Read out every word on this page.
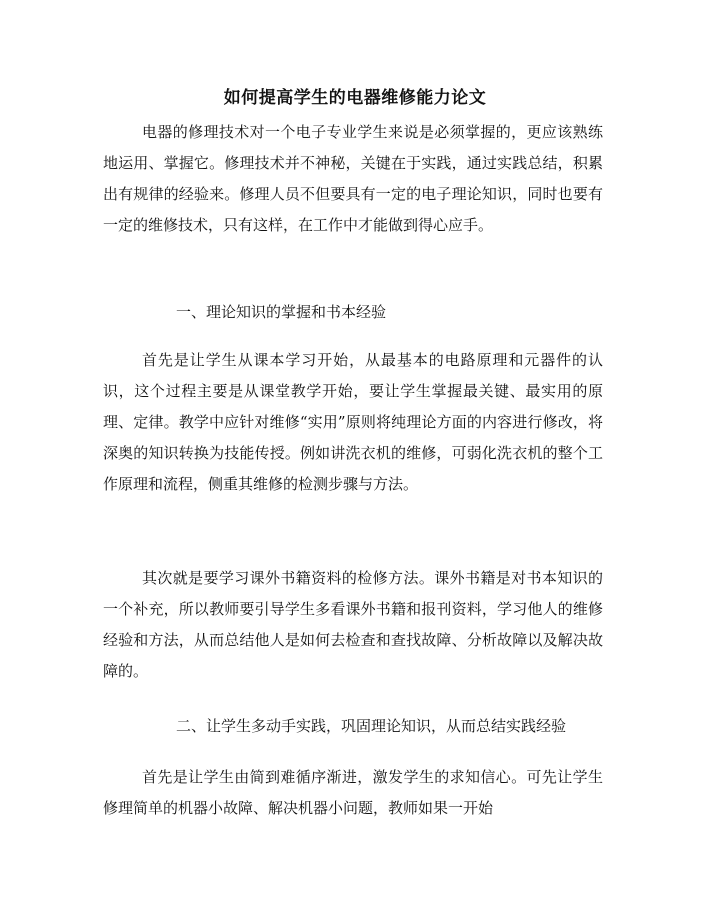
如何提高学生的电器维修能力论文

电器的修理技术对一个电子专业学生来说是必须掌握的，更应该熟练地运用、掌握它。修理技术并不神秘，关键在于实践，通过实践总结，积累出有规律的经验来。修理人员不但要具有一定的电子理论知识，同时也要有一定的维修技术，只有这样，在工作中才能做到得心应手。

一、理论知识的掌握和书本经验

首先是让学生从课本学习开始，从最基本的电路原理和元器件的认识，这个过程主要是从课堂教学开始，要让学生掌握最关键、最实用的原理、定律。教学中应针对维修“实用”原则将纯理论方面的内容进行修改，将深奥的知识转换为技能传授。例如讲洗衣机的维修，可弱化洗衣机的整个工作原理和流程，侧重其维修的检测步骤与方法。

其次就是要学习课外书籍资料的检修方法。课外书籍是对书本知识的一个补充，所以教师要引导学生多看课外书籍和报刊资料，学习他人的维修经验和方法，从而总结他人是如何去检查和查找故障、分析故障以及解决故障的。

二、让学生多动手实践，巩固理论知识，从而总结实践经验

首先是让学生由简到难循序渐进，激发学生的求知信心。可先让学生修理简单的机器小故障、解决机器小问题，教师如果一开始
